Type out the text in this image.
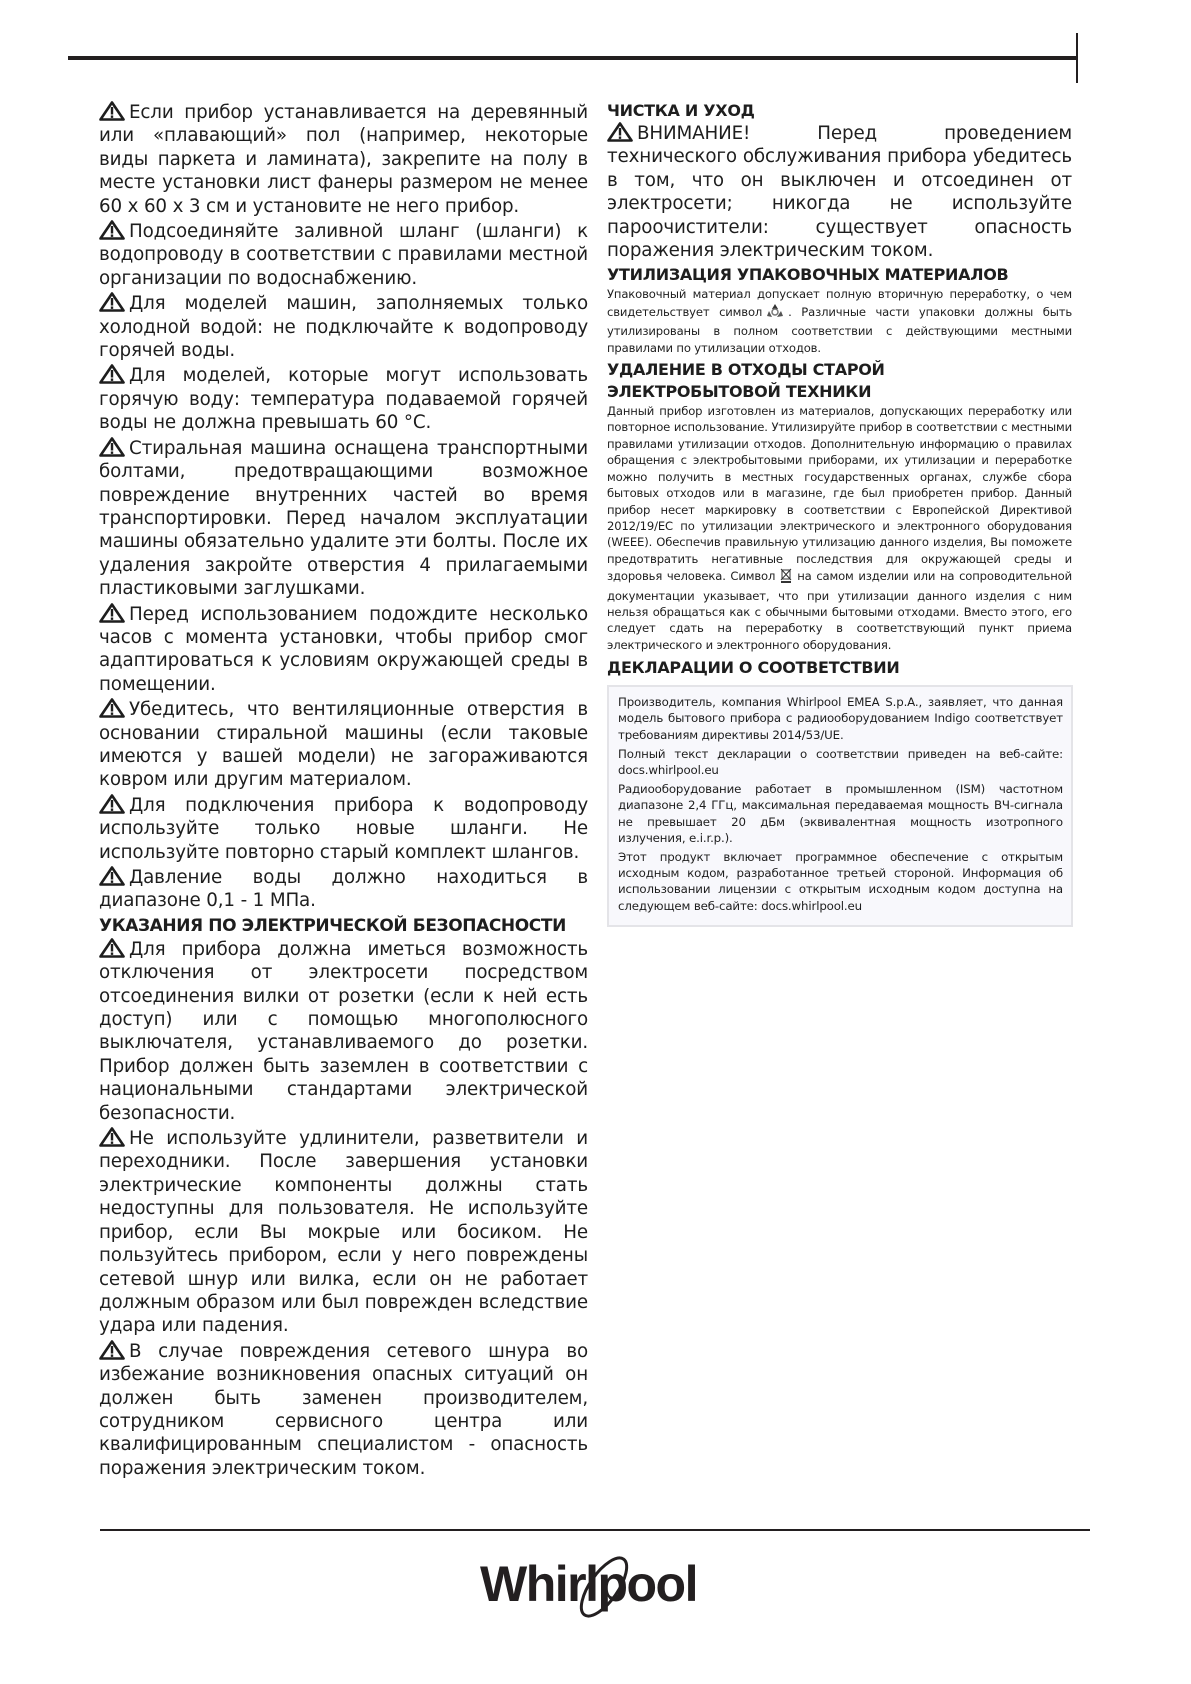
Если прибор устанавливается на деревянный или «плавающий» пол (например, некоторые виды паркета и ламината), закрепите на полу в месте установки лист фанеры размером не менее 60 x 60 x 3 см и установите не него прибор.

Подсоединяйте заливной шланг (шланги) к водопроводу в соответствии с правилами местной организации по водоснабжению.

Для моделей машин, заполняемых только холодной водой: не подключайте к водопроводу горячей воды.

Для моделей, которые могут использовать горячую воду: температура подаваемой горячей воды не должна превышать 60 °C.

Стиральная машина оснащена транспортными болтами, предотвращающими возможное повреждение внутренних частей во время транспортировки. Перед началом эксплуатации машины обязательно удалите эти болты. После их удаления закройте отверстия 4 прилагаемыми пластиковыми заглушками.

Перед использованием подождите несколько часов с момента установки, чтобы прибор смог адаптироваться к условиям окружающей среды в помещении.

Убедитесь, что вентиляционные отверстия в основании стиральной машины (если таковые имеются у вашей модели) не загораживаются ковром или другим материалом.

Для подключения прибора к водопроводу используйте только новые шланги. Не используйте повторно старый комплект шлангов.

Давление воды должно находиться в диапазоне 0,1 - 1 МПа.

УКАЗАНИЯ ПО ЭЛЕКТРИЧЕСКОЙ БЕЗОПАСНОСТИ

Для прибора должна иметься возможность отключения от электросети посредством отсоединения вилки от розетки (если к ней есть доступ) или с помощью многополюсного выключателя, устанавливаемого до розетки. Прибор должен быть заземлен в соответствии с национальными стандартами электрической безопасности.

Не используйте удлинители, разветвители и переходники. После завершения установки электрические компоненты должны стать недоступны для пользователя. Не используйте прибор, если Вы мокрые или босиком. Не пользуйтесь прибором, если у него повреждены сетевой шнур или вилка, если он не работает должным образом или был поврежден вследствие удара или падения.

В случае повреждения сетевого шнура во избежание возникновения опасных ситуаций он должен быть заменен производителем, сотрудником сервисного центра или квалифицированным специалистом - опасность поражения электрическим током.

ЧИСТКА И УХОД

ВНИМАНИЕ! Перед проведением технического обслуживания прибора убедитесь в том, что он выключен и отсоединен от электросети; никогда не используйте пароочистители: существует опасность поражения электрическим током.

УТИЛИЗАЦИЯ УПАКОВОЧНЫХ МАТЕРИАЛОВ

Упаковочный материал допускает полную вторичную переработку, о чем свидетельствует символ . Различные части упаковки должны быть утилизированы в полном соответствии с действующими местными правилами по утилизации отходов.

УДАЛЕНИЕ В ОТХОДЫ СТАРОЙ
ЭЛЕКТРОБЫТОВОЙ ТЕХНИКИ

Данный прибор изготовлен из материалов, допускающих переработку или повторное использование. Утилизируйте прибор в соответствии с местными правилами утилизации отходов. Дополнительную информацию о правилах обращения с электробытовыми приборами, их утилизации и переработке можно получить в местных государственных органах, службе сбора бытовых отходов или в магазине, где был приобретен прибор. Данный прибор несет маркировку в соответствии с Европейской Директивой 2012/19/EC по утилизации электрического и электронного оборудования (WEEE). Обеспечив правильную утилизацию данного изделия, Вы поможете предотвратить негативные последствия для окружающей среды и здоровья человека. Символ на самом изделии или на сопроводительной документации указывает, что при утилизации данного изделия с ним нельзя обращаться как с обычными бытовыми отходами. Вместо этого, его следует сдать на переработку в соответствующий пункт приема электрического и электронного оборудования.

ДЕКЛАРАЦИИ О СООТВЕТСТВИИ

Производитель, компания Whirlpool EMEA S.p.A., заявляет, что данная модель бытового прибора с радиооборудованием Indigo соответствует требованиям директивы 2014/53/UE.

Полный текст декларации о соответствии приведен на веб-сайте: docs.whirlpool.eu

Радиооборудование работает в промышленном (ISM) частотном диапазоне 2,4 ГГц, максимальная передаваемая мощность ВЧ-сигнала не превышает 20 дБм (эквивалентная мощность изотропного излучения, e.i.r.p.).

Этот продукт включает программное обеспечение с открытым исходным кодом, разработанное третьей стороной. Информация об использовании лицензии с открытым исходным кодом доступна на следующем веб-сайте: docs.whirlpool.eu

Whirlpool
